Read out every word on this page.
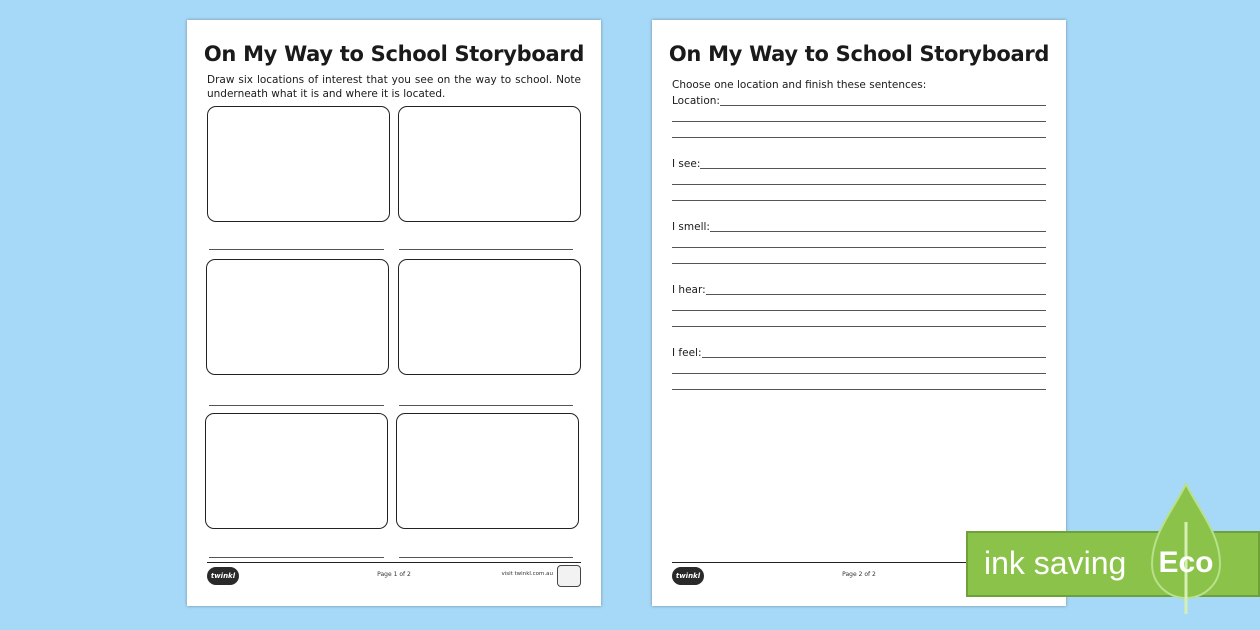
On My Way to School Storyboard
Draw six locations of interest that you see on the way to school. Note underneath what it is and where it is located.
twinkl	Page 1 of 2	visit twinkl.com.au
On My Way to School Storyboard
Choose one location and finish these sentences:
Location:
I see:
I smell:
I hear:
I feel:
twinkl	Page 2 of 2	ink saving Eco
